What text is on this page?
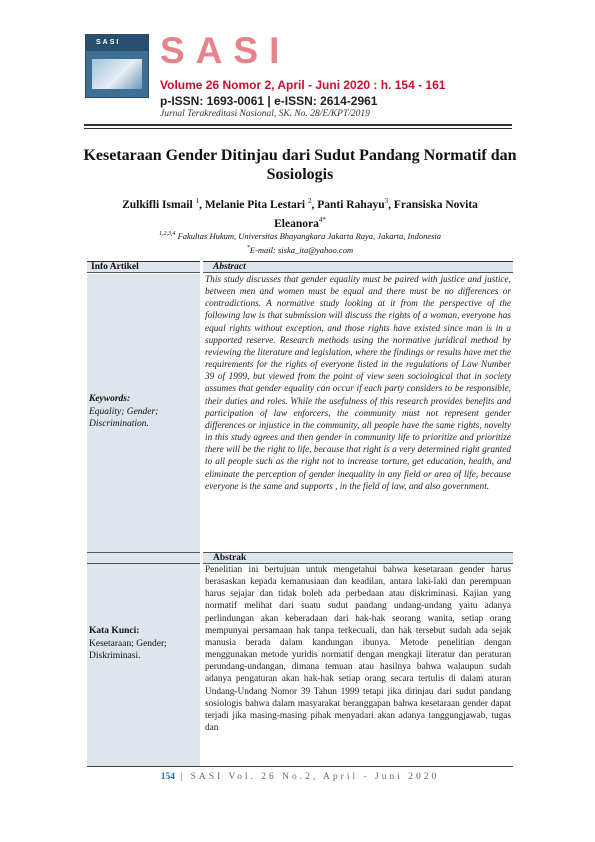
SASI	SASI
Volume 26 Nomor 2, April - Juni 2020 : h. 154 - 161
p-ISSN: 1693-0061 | e-ISSN: 2614-2961
Jurnal Terakreditasi Nasional, SK. No. 28/E/KPT/2019
Kesetaraan Gender Ditinjau dari Sudut Pandang Normatif dan Sosiologis
Zulkifli Ismail $^1$, Melanie Pita Lestari $^2$, Panti Rahayu$^3$, Fransiska Novita Eleanora$^{4*}$
$^{1,2,3,4}$ Fakultas Hukum, Universitas Bhayangkara Jakarta Raya, Jakarta, Indonesia
*E-mail: siska_ita@yahoo.com
Info Artikel	Abstract
Abstrak
Keywords:
Equality; Gender; Discrimination.
Kata Kunci:
Kesetaraan; Gender; Diskriminasi.
This study discusses that gender equality must be paired with justice and justice, between men and women must be equal and there must be no differences or contradictions. A normative study looking at it from the perspective of the following law is that submission will discuss the rights of a woman, everyone has equal rights without exception, and those rights have existed since man is in a supported reserve. Research methods using the normative juridical method by reviewing the literature and legislation, where the findings or results have met the requirements for the rights of everyone listed in the regulations of Law Number 39 of 1999, but viewed from the point of view seen sociological that in society assumes that gender equality can occur if each party considers to be responsible, their duties and roles. While the usefulness of this research provides benefits and participation of law enforcers, the community must not represent gender differences or injustice in the community, all people have the same rights, novelty in this study agrees and then gender in community life to prioritize and prioritize there will be the right to life, because that right is a very determined right granted to all people such as the right not to increase torture, get education, health, and eliminate the perception of gender inequality in any field or area of life, because everyone is the same and supports , in the field of law, and also government.
Penelitian ini bertujuan untuk mengetahui bahwa kesetaraan gender harus berasaskan kepada kemanusiaan dan keadilan, antara laki-laki dan perempuan harus sejajar dan tidak boleh ada perbedaan atau diskriminasi. Kajian yang normatif melihat dari suatu sudut pandang undang-undang yaitu adanya perlindungan akan keberadaan dari hak-hak seorang wanita, setiap orang mempunyai persamaan hak tanpa terkecuali, dan hak tersebut sudah ada sejak manusia berada dalam kandungan ibunya. Metode penelitian dengan menggunakan metode yuridis normatif dengan mengkaji literatur dan peraturan perundang-undangan, dimana temuan atau hasilnya bahwa walaupun sudah adanya pengaturan akan hak-hak setiap orang secara tertulis di dalam aturan Undang-Undang Nomor 39 Tahun 1999 tetapi jika ditinjau dari sudut pandang sosiologis bahwa dalam masyarakat beranggapan bahwa kesetaraan gender dapat terjadi jika masing-masing pihak menyadari akan adanya tanggungjawab, tugas dan
154 | SASI Vol. 26 No.2, April - Juni 2020
